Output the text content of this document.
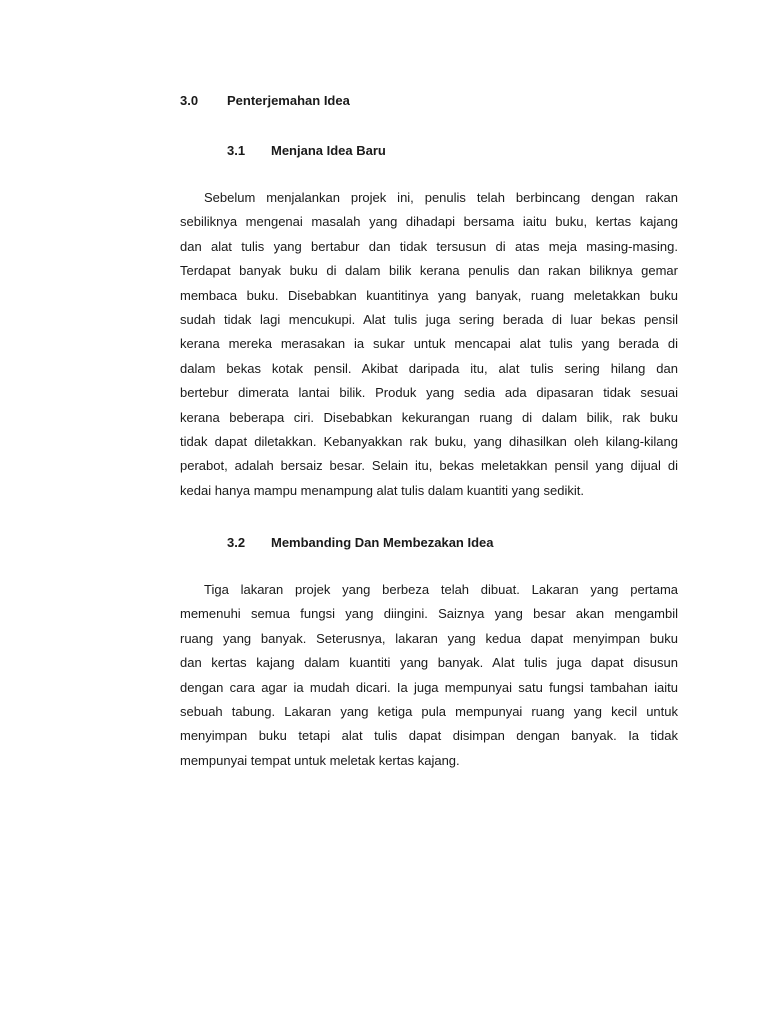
3.0 Penterjemahan Idea
3.1 Menjana Idea Baru
Sebelum menjalankan projek ini, penulis telah berbincang dengan rakan
sebiliknya mengenai masalah yang dihadapi bersama iaitu buku, kertas kajang
dan alat tulis yang bertabur dan tidak tersusun di atas meja masing-masing.
Terdapat banyak buku di dalam bilik kerana penulis dan rakan biliknya gemar
membaca buku. Disebabkan kuantitinya yang banyak, ruang meletakkan buku
sudah tidak lagi mencukupi. Alat tulis juga sering berada di luar bekas pensil
kerana mereka merasakan ia sukar untuk mencapai alat tulis yang berada di
dalam bekas kotak pensil. Akibat daripada itu, alat tulis sering hilang dan
bertebur dimerata lantai bilik. Produk yang sedia ada dipasaran tidak sesuai
kerana beberapa ciri. Disebabkan kekurangan ruang di dalam bilik, rak buku
tidak dapat diletakkan. Kebanyakkan rak buku, yang dihasilkan oleh kilang-kilang
perabot, adalah bersaiz besar. Selain itu, bekas meletakkan pensil yang dijual di
kedai hanya mampu menampung alat tulis dalam kuantiti yang sedikit.
3.2 Membanding Dan Membezakan Idea
Tiga lakaran projek yang berbeza telah dibuat. Lakaran yang pertama
memenuhi semua fungsi yang diingini. Saiznya yang besar akan mengambil
ruang yang banyak. Seterusnya, lakaran yang kedua dapat menyimpan buku
dan kertas kajang dalam kuantiti yang banyak. Alat tulis juga dapat disusun
dengan cara agar ia mudah dicari. Ia juga mempunyai satu fungsi tambahan iaitu
sebuah tabung. Lakaran yang ketiga pula mempunyai ruang yang kecil untuk
menyimpan buku tetapi alat tulis dapat disimpan dengan banyak. Ia tidak
mempunyai tempat untuk meletak kertas kajang.
